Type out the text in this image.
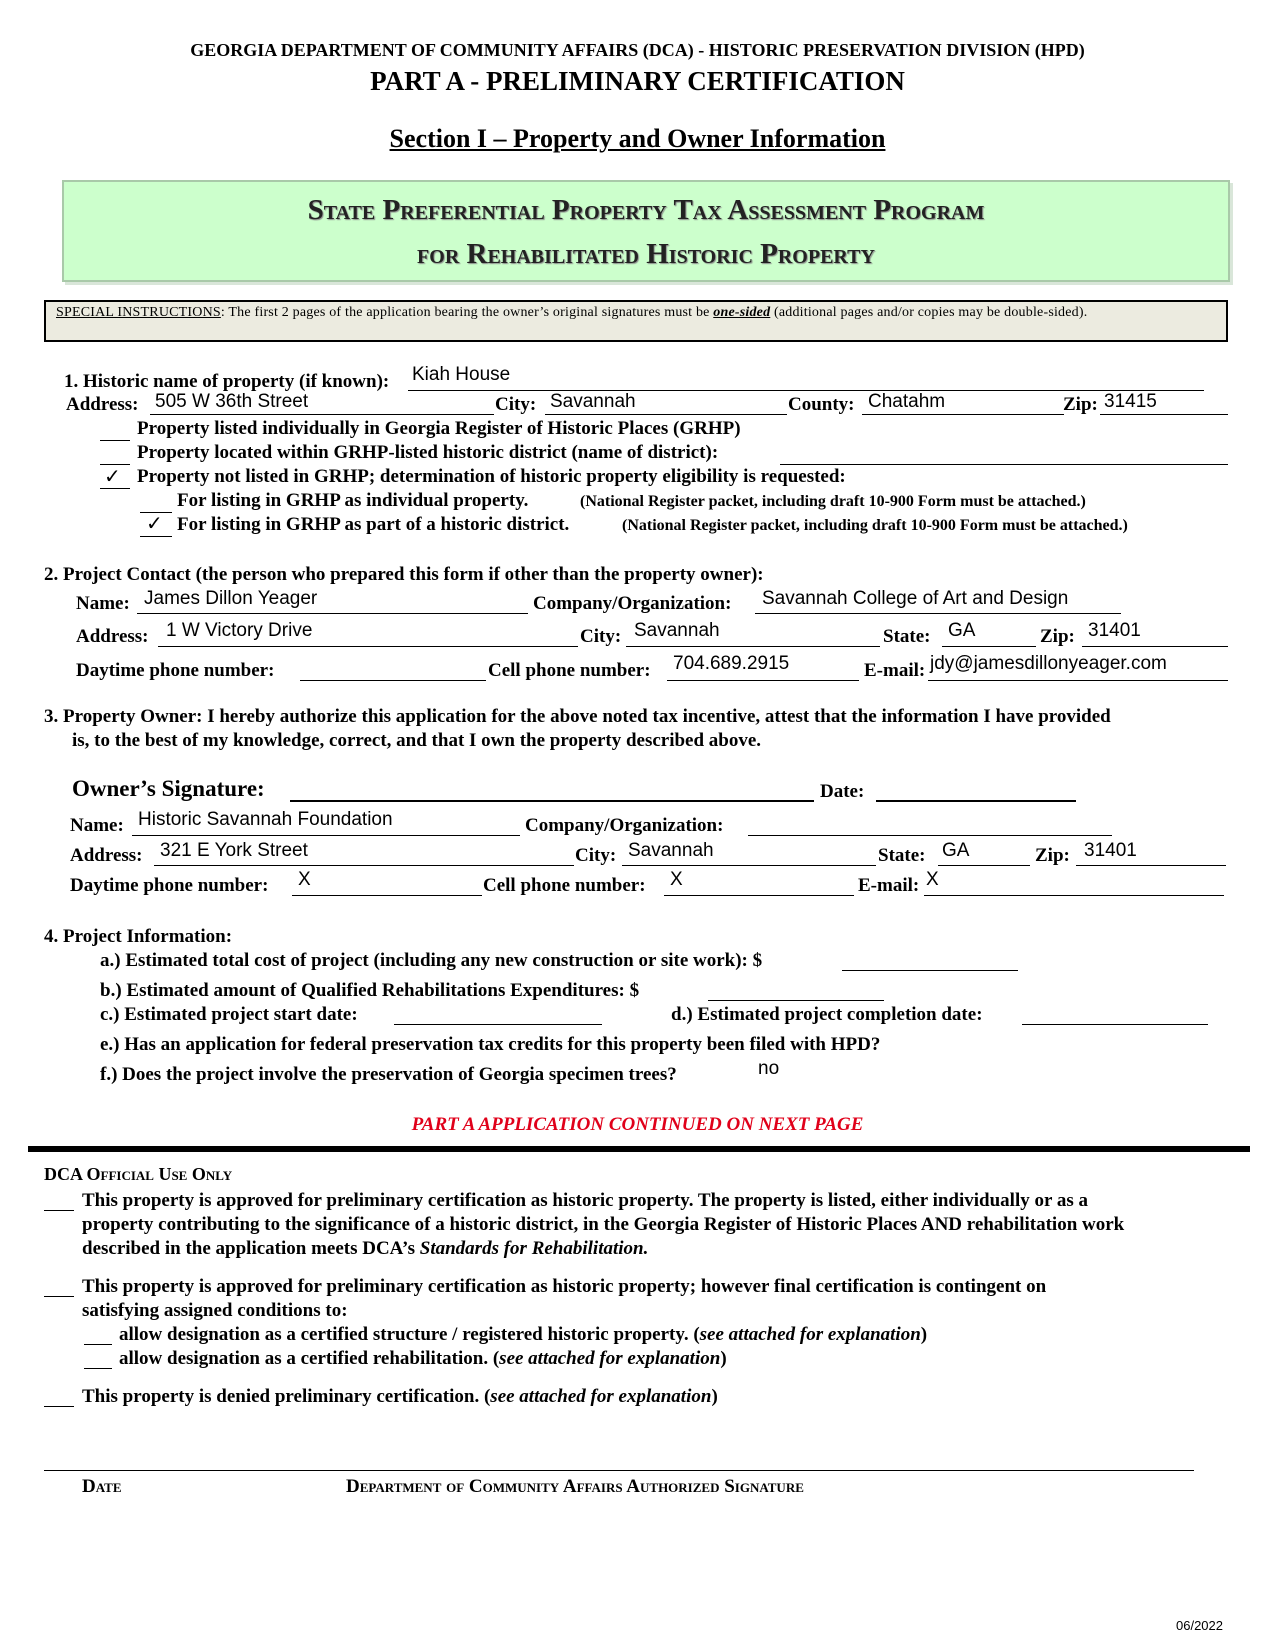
GEORGIA DEPARTMENT OF COMMUNITY AFFAIRS (DCA) - HISTORIC PRESERVATION DIVISION (HPD)
PART A - PRELIMINARY CERTIFICATION
Section I – Property and Owner Information
State Preferential Property Tax Assessment Program
for Rehabilitated Historic Property
SPECIAL INSTRUCTIONS: The first 2 pages of the application bearing the owner’s original signatures must be one-sided (additional pages and/or copies may be double-sided).
1. Historic name of property (if known): Kiah House
Address: 505 W 36th Street	City: Savannah	County: Chatahm	Zip: 31415
Property listed individually in Georgia Register of Historic Places (GRHP)
Property located within GRHP-listed historic district (name of district):
✓ Property not listed in GRHP; determination of historic property eligibility is requested:
For listing in GRHP as individual property.	(National Register packet, including draft 10-900 Form must be attached.)
✓ For listing in GRHP as part of a historic district.	(National Register packet, including draft 10-900 Form must be attached.)
2. Project Contact (the person who prepared this form if other than the property owner):
Name: James Dillon Yeager	Company/Organization: Savannah College of Art and Design
Address: 1 W Victory Drive	City: Savannah	State: GA	Zip: 31401
Daytime phone number:	Cell phone number: 704.689.2915	E-mail: jdy@jamesdillonyeager.com
3. Property Owner: I hereby authorize this application for the above noted tax incentive, attest that the information I have provided
is, to the best of my knowledge, correct, and that I own the property described above.
Owner’s Signature:	Date:
Name: Historic Savannah Foundation	Company/Organization:
Address: 321 E York Street	City: Savannah	State: GA	Zip: 31401
Daytime phone number: X	Cell phone number: X	E-mail: X
4. Project Information:
a.) Estimated total cost of project (including any new construction or site work): $
b.) Estimated amount of Qualified Rehabilitations Expenditures: $
c.) Estimated project start date:	d.) Estimated project completion date:
e.) Has an application for federal preservation tax credits for this property been filed with HPD?
f.) Does the project involve the preservation of Georgia specimen trees?	no
PART A APPLICATION CONTINUED ON NEXT PAGE
DCA Official Use Only
This property is approved for preliminary certification as historic property. The property is listed, either individually or as a
property contributing to the significance of a historic district, in the Georgia Register of Historic Places AND rehabilitation work
described in the application meets DCA’s Standards for Rehabilitation.
This property is approved for preliminary certification as historic property; however final certification is contingent on
satisfying assigned conditions to:
allow designation as a certified structure / registered historic property. (see attached for explanation)
allow designation as a certified rehabilitation. (see attached for explanation)
This property is denied preliminary certification. (see attached for explanation)
Date	Department of Community Affairs Authorized Signature
06/2022
